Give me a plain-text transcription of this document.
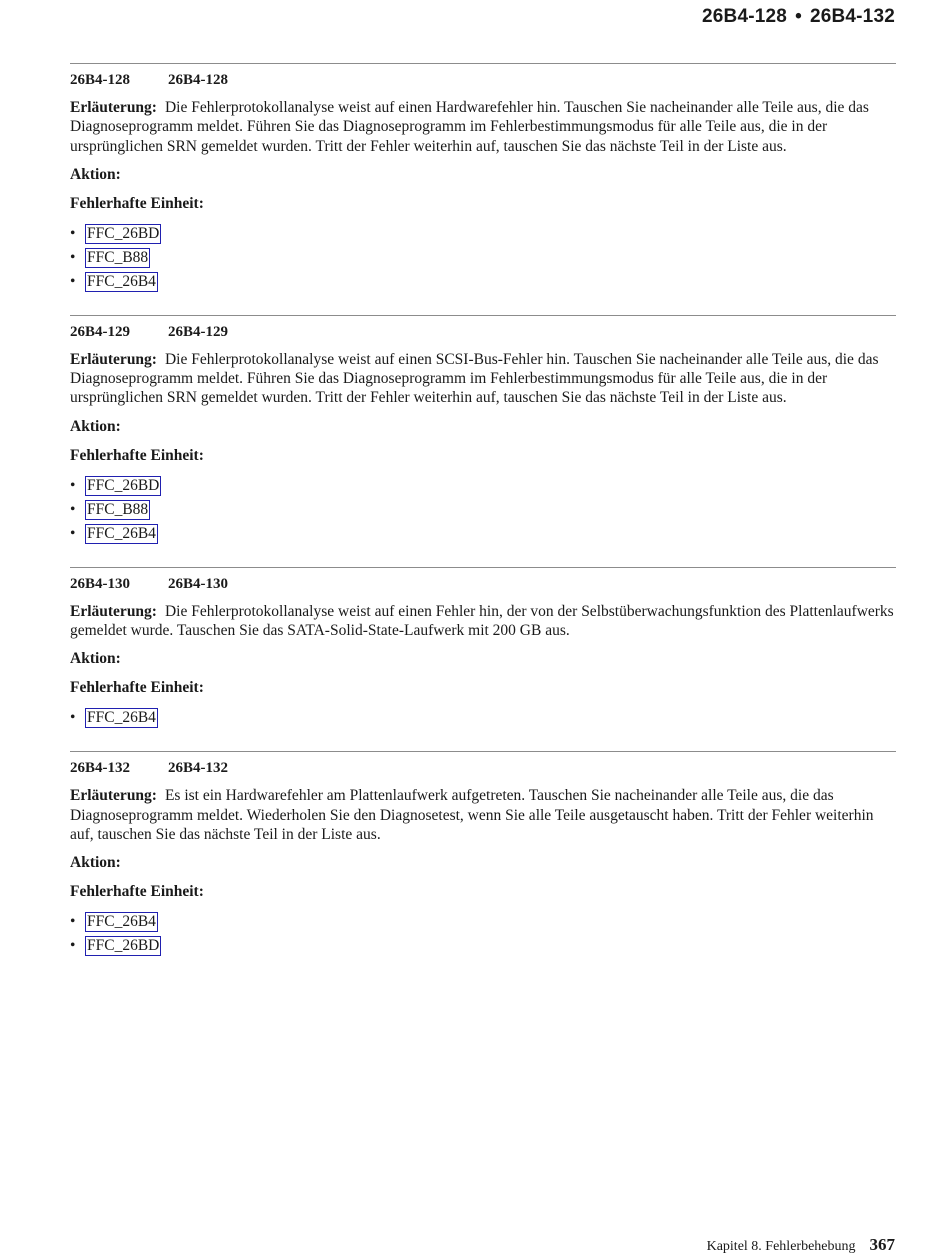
26B4-128 • 26B4-132
26B4-128	26B4-128

Erläuterung: Die Fehlerprotokollanalyse weist auf einen Hardwarefehler hin. Tauschen Sie nacheinander alle Teile aus, die das Diagnoseprogramm meldet. Führen Sie das Diagnoseprogramm im Fehlerbestimmungsmodus für alle Teile aus, die in der ursprünglichen SRN gemeldet wurden. Tritt der Fehler weiterhin auf, tauschen Sie das nächste Teil in der Liste aus.

Aktion:

Fehlerhafte Einheit:

• FFC_26BD
• FFC_B88
• FFC_26B4
26B4-129	26B4-129

Erläuterung: Die Fehlerprotokollanalyse weist auf einen SCSI-Bus-Fehler hin. Tauschen Sie nacheinander alle Teile aus, die das Diagnoseprogramm meldet. Führen Sie das Diagnoseprogramm im Fehlerbestimmungsmodus für alle Teile aus, die in der ursprünglichen SRN gemeldet wurden. Tritt der Fehler weiterhin auf, tauschen Sie das nächste Teil in der Liste aus.

Aktion:

Fehlerhafte Einheit:

• FFC_26BD
• FFC_B88
• FFC_26B4
26B4-130	26B4-130

Erläuterung: Die Fehlerprotokollanalyse weist auf einen Fehler hin, der von der Selbstüberwachungsfunktion des Plattenlaufwerks gemeldet wurde. Tauschen Sie das SATA-Solid-State-Laufwerk mit 200 GB aus.

Aktion:

Fehlerhafte Einheit:

• FFC_26B4
26B4-132	26B4-132

Erläuterung: Es ist ein Hardwarefehler am Plattenlaufwerk aufgetreten. Tauschen Sie nacheinander alle Teile aus, die das Diagnoseprogramm meldet. Wiederholen Sie den Diagnosetest, wenn Sie alle Teile ausgetauscht haben. Tritt der Fehler weiterhin auf, tauschen Sie das nächste Teil in der Liste aus.

Aktion:

Fehlerhafte Einheit:

• FFC_26B4
• FFC_26BD
Kapitel 8. Fehlerbehebung 367
